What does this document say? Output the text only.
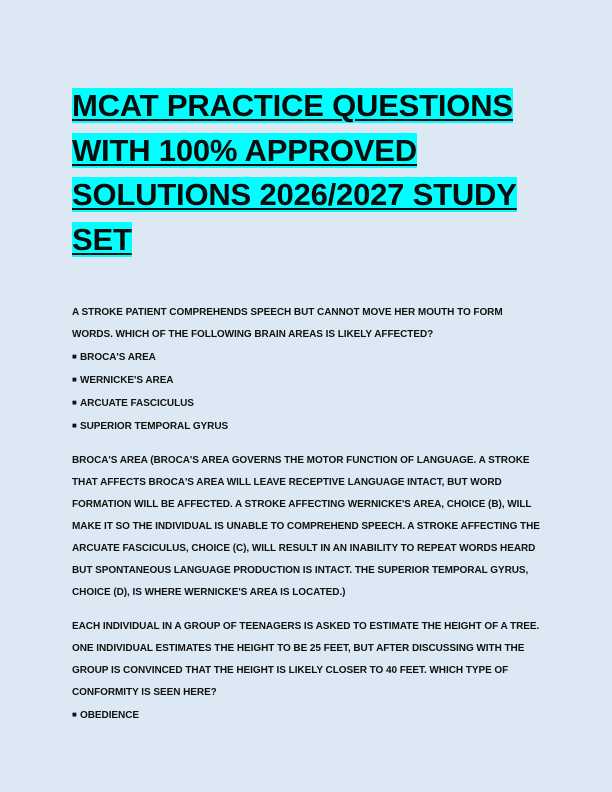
MCAT PRACTICE QUESTIONS
WITH 100% APPROVED
SOLUTIONS 2026/2027 STUDY
SET

A STROKE PATIENT COMPREHENDS SPEECH BUT CANNOT MOVE HER MOUTH TO FORM WORDS. WHICH OF THE FOLLOWING BRAIN AREAS IS LIKELY AFFECTED?

■ BROCA'S AREA

■ WERNICKE'S AREA

■ ARCUATE FASCICULUS

■ SUPERIOR TEMPORAL GYRUS

BROCA'S AREA (BROCA'S AREA GOVERNS THE MOTOR FUNCTION OF LANGUAGE. A STROKE THAT AFFECTS BROCA'S AREA WILL LEAVE RECEPTIVE LANGUAGE INTACT, BUT WORD FORMATION WILL BE AFFECTED. A STROKE AFFECTING WERNICKE'S AREA, CHOICE (B), WILL MAKE IT SO THE INDIVIDUAL IS UNABLE TO COMPREHEND SPEECH. A STROKE AFFECTING THE ARCUATE FASCICULUS, CHOICE (C), WILL RESULT IN AN INABILITY TO REPEAT WORDS HEARD BUT SPONTANEOUS LANGUAGE PRODUCTION IS INTACT. THE SUPERIOR TEMPORAL GYRUS, CHOICE (D), IS WHERE WERNICKE'S AREA IS LOCATED.)

EACH INDIVIDUAL IN A GROUP OF TEENAGERS IS ASKED TO ESTIMATE THE HEIGHT OF A TREE. ONE INDIVIDUAL ESTIMATES THE HEIGHT TO BE 25 FEET, BUT AFTER DISCUSSING WITH THE GROUP IS CONVINCED THAT THE HEIGHT IS LIKELY CLOSER TO 40 FEET. WHICH TYPE OF CONFORMITY IS SEEN HERE?

■ OBEDIENCE
